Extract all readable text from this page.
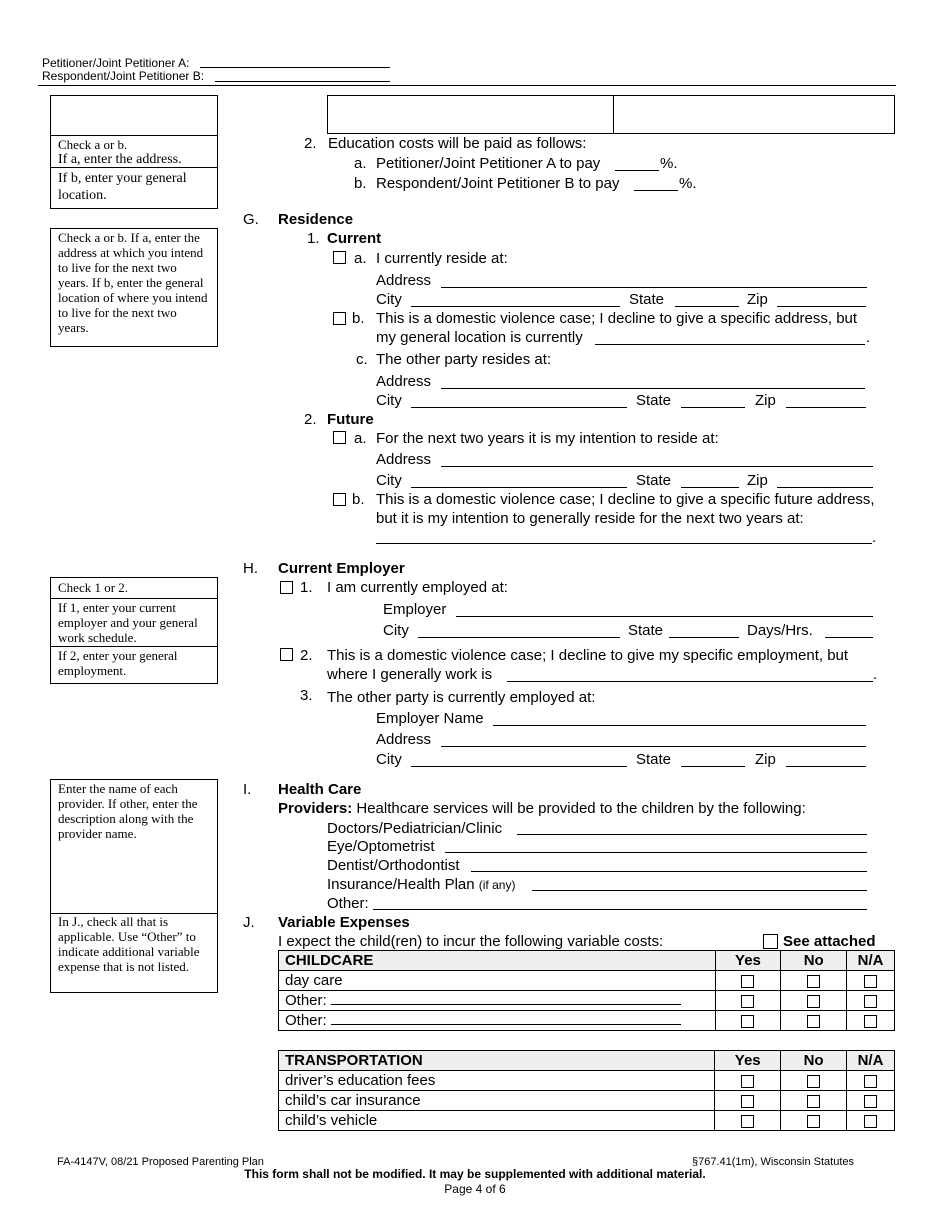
Petitioner/Joint Petitioner A:
Respondent/Joint Petitioner B:
Check a or b.
If a, enter the address.
If b, enter your general location.
Check a or b. If a, enter the address at which you intend to live for the next two years. If b, enter the general location of where you intend to live for the next two years.
Check 1 or 2.
If 1, enter your current employer and your general work schedule.
If 2, enter your general employment.
Enter the name of each provider. If other, enter the description along with the provider name.
In J., check all that is applicable. Use “Other” to indicate additional variable expense that is not listed.
2. Education costs will be paid as follows:
a. Petitioner/Joint Petitioner A to pay	%.
b. Respondent/Joint Petitioner B to pay	%.
G. Residence
1. Current
a. I currently reside at:
Address
City	State	Zip
b. This is a domestic violence case; I decline to give a specific address, but
my general location is currently	.
c. The other party resides at:
Address
City	State	Zip
2. Future
a. For the next two years it is my intention to reside at:
Address
City	State	Zip
b. This is a domestic violence case; I decline to give a specific future address,
but it is my intention to generally reside for the next two years at:
.
H. Current Employer
1. I am currently employed at:
Employer
City	State	Days/Hrs.
2. This is a domestic violence case; I decline to give my specific employment, but
where I generally work is	.
3. The other party is currently employed at:
Employer Name
Address
City	State	Zip
I. Health Care
Providers: Healthcare services will be provided to the children by the following:
Doctors/Pediatrician/Clinic
Eye/Optometrist
Dentist/Orthodontist
Insurance/Health Plan (if any)
Other:
J. Variable Expenses
I expect the child(ren) to incur the following variable costs:	See attached
CHILDCARE	Yes	No	N/A
day care			
Other:			
Other:			
TRANSPORTATION	Yes	No	N/A
driver’s education fees			
child’s car insurance			
child’s vehicle			
FA-4147V, 08/21 Proposed Parenting Plan	§767.41(1m), Wisconsin Statutes
This form shall not be modified. It may be supplemented with additional material.
Page 4 of 6
